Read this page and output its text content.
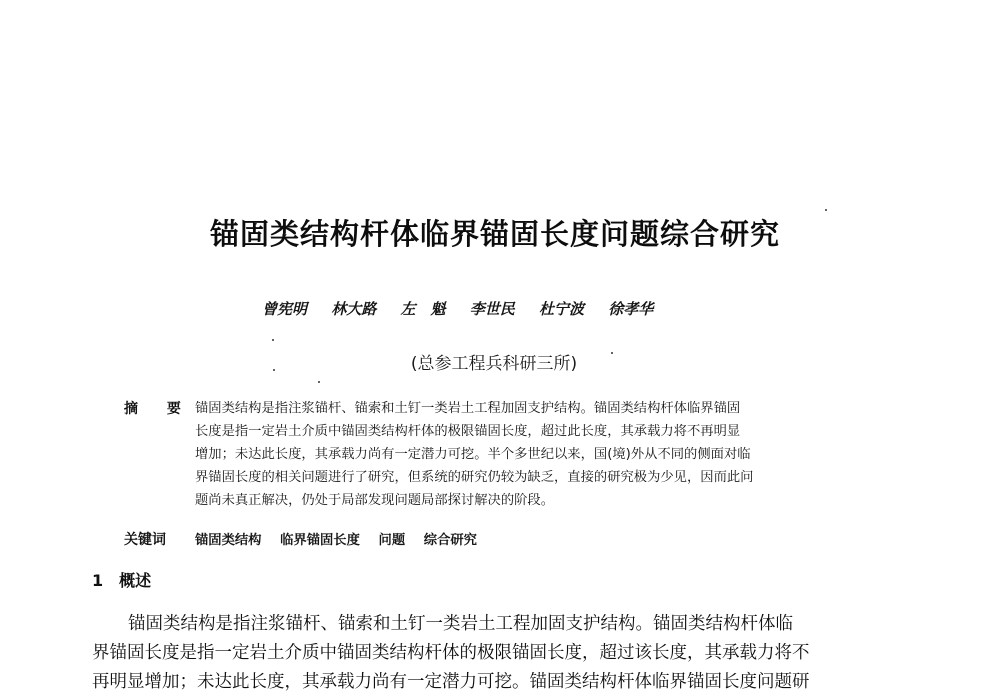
锚固类结构杆体临界锚固长度问题综合研究
曾宪明 林大路 左　魁 李世民 杜宁波 徐孝华
(总参工程兵科研三所)
摘 要 锚固类结构是指注浆锚杆、锚索和土钉一类岩土工程加固支护结构。锚固类结构杆体临界锚固
长度是指一定岩土介质中锚固类结构杆体的极限锚固长度，超过此长度，其承载力将不再明显
增加；未达此长度，其承载力尚有一定潜力可挖。半个多世纪以来，国(境)外从不同的侧面对临
界锚固长度的相关问题进行了研究，但系统的研究仍较为缺乏，直接的研究极为少见，因而此问
题尚未真正解决，仍处于局部发现问题局部探讨解决的阶段。
关键词 锚固类结构 临界锚固长度 问题 综合研究
1 概述
锚固类结构是指注浆锚杆、锚索和土钉一类岩土工程加固支护结构。锚固类结构杆体临
界锚固长度是指一定岩土介质中锚固类结构杆体的极限锚固长度，超过该长度，其承载力将不
再明显增加；未达此长度，其承载力尚有一定潜力可挖。锚固类结构杆体临界锚固长度问题研
